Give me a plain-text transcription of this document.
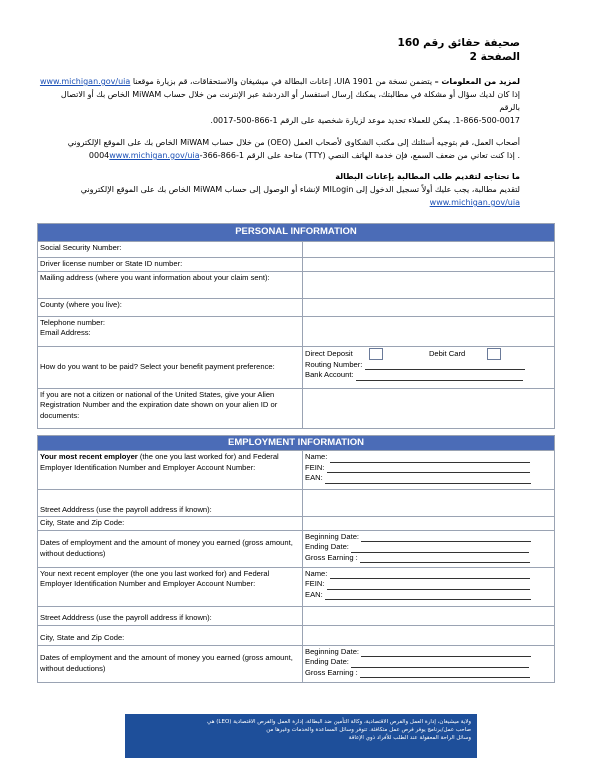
صحيفة حقائق رقم 160
الصفحة 2
لمزيد من المعلومات – يتضمن نسخة من UIA 1901، إعانات البطالة في ميشيغان والاستحقاقات، قم بزيارة موقعنا www.michigan.gov/uia
إذا كان لديك سؤال أو مشكلة في مطالبتك، يمكنك إرسال استفسار أو الدردشة عبر الإنترنت من خلال حساب MiWAM الخاص بك أو الاتصال بالرقم
1-866-500-0017. يمكن للعملاء تحديد موعد لزيارة شخصية على الرقم 1-866-500-0017.
أصحاب العمل، قم بتوجيه أسئلتك إلى مكتب الشكاوى لأصحاب العمل (OEO) من خلال حساب MiWAM الخاص بك على الموقع الإلكتروني
. إذا كنت تعاني من ضعف السمع، فإن خدمة الهاتف النصي (TTY) متاحة على الرقم 1-866-366-0004www.michigan.gov/uia
ما تحتاجه لتقديم طلب المطالبة بإعانات البطالة
لتقديم مطالبة، يجب عليك أولاً تسجيل الدخول إلى MILogin لإنشاء أو الوصول إلى حساب MiWAM الخاص بك على الموقع الإلكتروني
www.michigan.gov/uia
PERSONAL INFORMATION	
Social Security Number:	
Driver license number or State ID number:	
Mailing address (where you want information about your claim sent):	
County (where you live):	
Telephone number:
Email Address:	
How do you want to be paid? Select your benefit payment preference:	Direct Deposit Debit Card
Routing Number:
Bank Account:
If you are not a citizen or national of the United States, give your Alien Registration Number and the expiration date shown on your alien ID or documents:	
EMPLOYMENT INFORMATION	
Your most recent employer (the one you last worked for) and Federal Employer Identification Number and Employer Account Number:	Name:
FEIN:
EAN:
Street Adddress (use the payroll address if known):	
City, State and Zip Code:	
Dates of employment and the amount of money you earned (gross amount, without deductions)	Beginning Date:
Ending Date:
Gross Earning :
Your next recent employer (the one you last worked for) and Federal Employer Identification Number and Employer Account Number:	Name:
FEIN:
EAN:
Street Adddress (use the payroll address if known):	
City, State and Zip Code:	
Dates of employment and the amount of money you earned (gross amount, without deductions)	Beginning Date:
Ending Date:
Gross Earning :
ولاية ميشيغان، إدارة العمل والفرص الاقتصادية، وكالة التأمين ضد البطالة، إدارة العمل والفرص الاقتصادية (LEO) هي
صاحب عمل/برنامج يوفر فرص عمل متكافئة. تتوفر وسائل المساعدة والخدمات وغيرها من
وسائل الراحة المعقولة عند الطلب للأفراد ذوي الإعاقة
